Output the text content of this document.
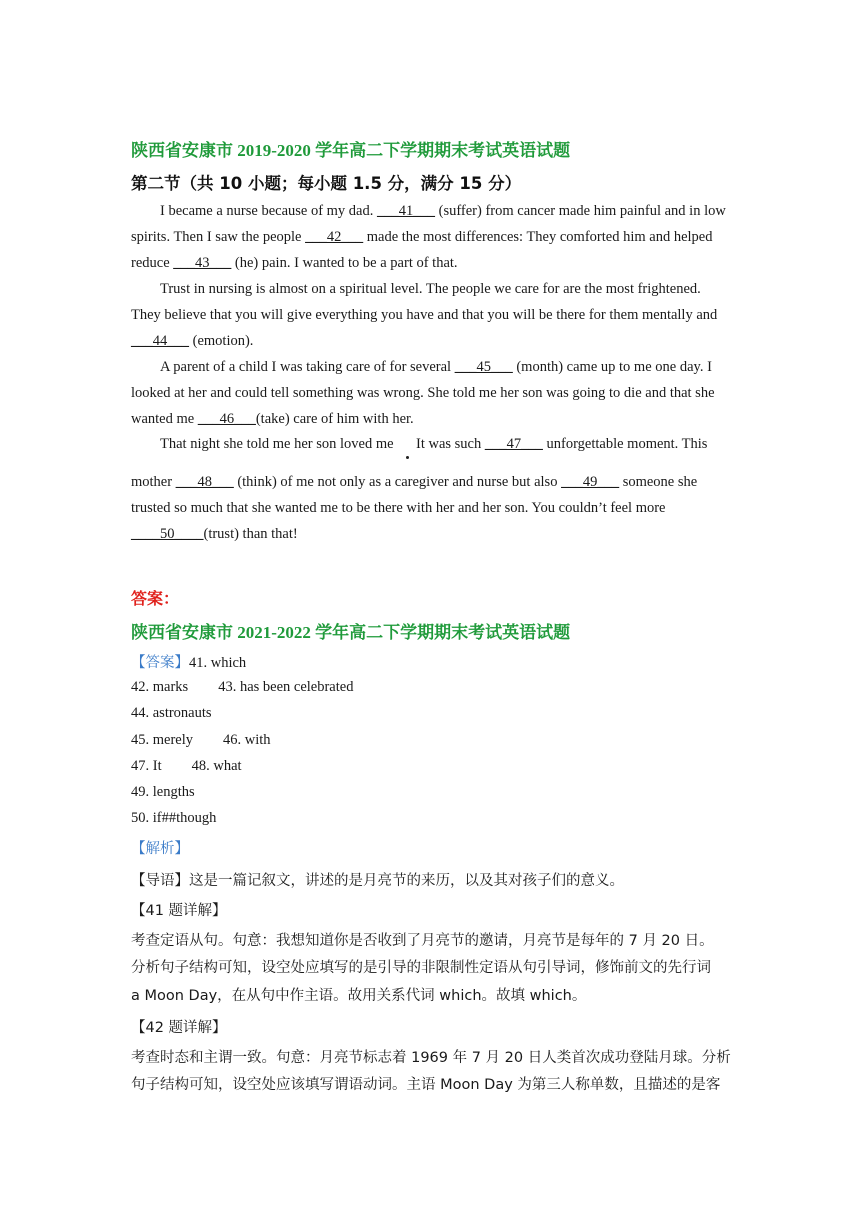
陕西省安康市 2019-2020 学年高二下学期期末考试英语试题
第二节（共 10 小题；每小题 1.5 分，满分 15 分）
I became a nurse because of my dad. ___41___ (suffer) from cancer made him painful and in low spirits. Then I saw the people ___42___ made the most differences: They comforted him and helped reduce ___43___ (he) pain. I wanted to be a part of that.
Trust in nursing is almost on a spiritual level. The people we care for are the most frightened. They believe that you will give everything you have and that you will be there for them mentally and ___44___ (emotion).
A parent of a child I was taking care of for several ___45___ (month) came up to me one day. I looked at her and could tell something was wrong. She told me her son was going to die and that she wanted me ___46___(take) care of him with her.
That night she told me her son loved me It was such ___47___ unforgettable moment. This
mother ___48___ (think) of me not only as a caregiver and nurse but also ___49___ someone she
trusted so much that she wanted me to be there with her and her son. You couldn’t feel more
____50____(trust) than that!
答案：
陕西省安康市 2021-2022 学年高二下学期期末考试英语试题
【答案】41. which
42. marks 43. has been celebrated
44. astronauts
45. merely 46. with
47. It 48. what
49. lengths
50. if##though
【解析】
【导语】这是一篇记叙文，讲述的是月亮节的来历，以及其对孩子们的意义。
【41 题详解】
考查定语从句。句意：我想知道你是否收到了月亮节的邀请，月亮节是每年的 7 月 20 日。
分析句子结构可知，设空处应填写的是引导的非限制性定语从句引导词，修饰前文的先行词
a Moon Day，在从句中作主语。故用关系代词 which。故填 which。
【42 题详解】
考查时态和主谓一致。句意：月亮节标志着 1969 年 7 月 20 日人类首次成功登陆月球。分析
句子结构可知，设空处应该填写谓语动词。主语 Moon Day 为第三人称单数，且描述的是客
